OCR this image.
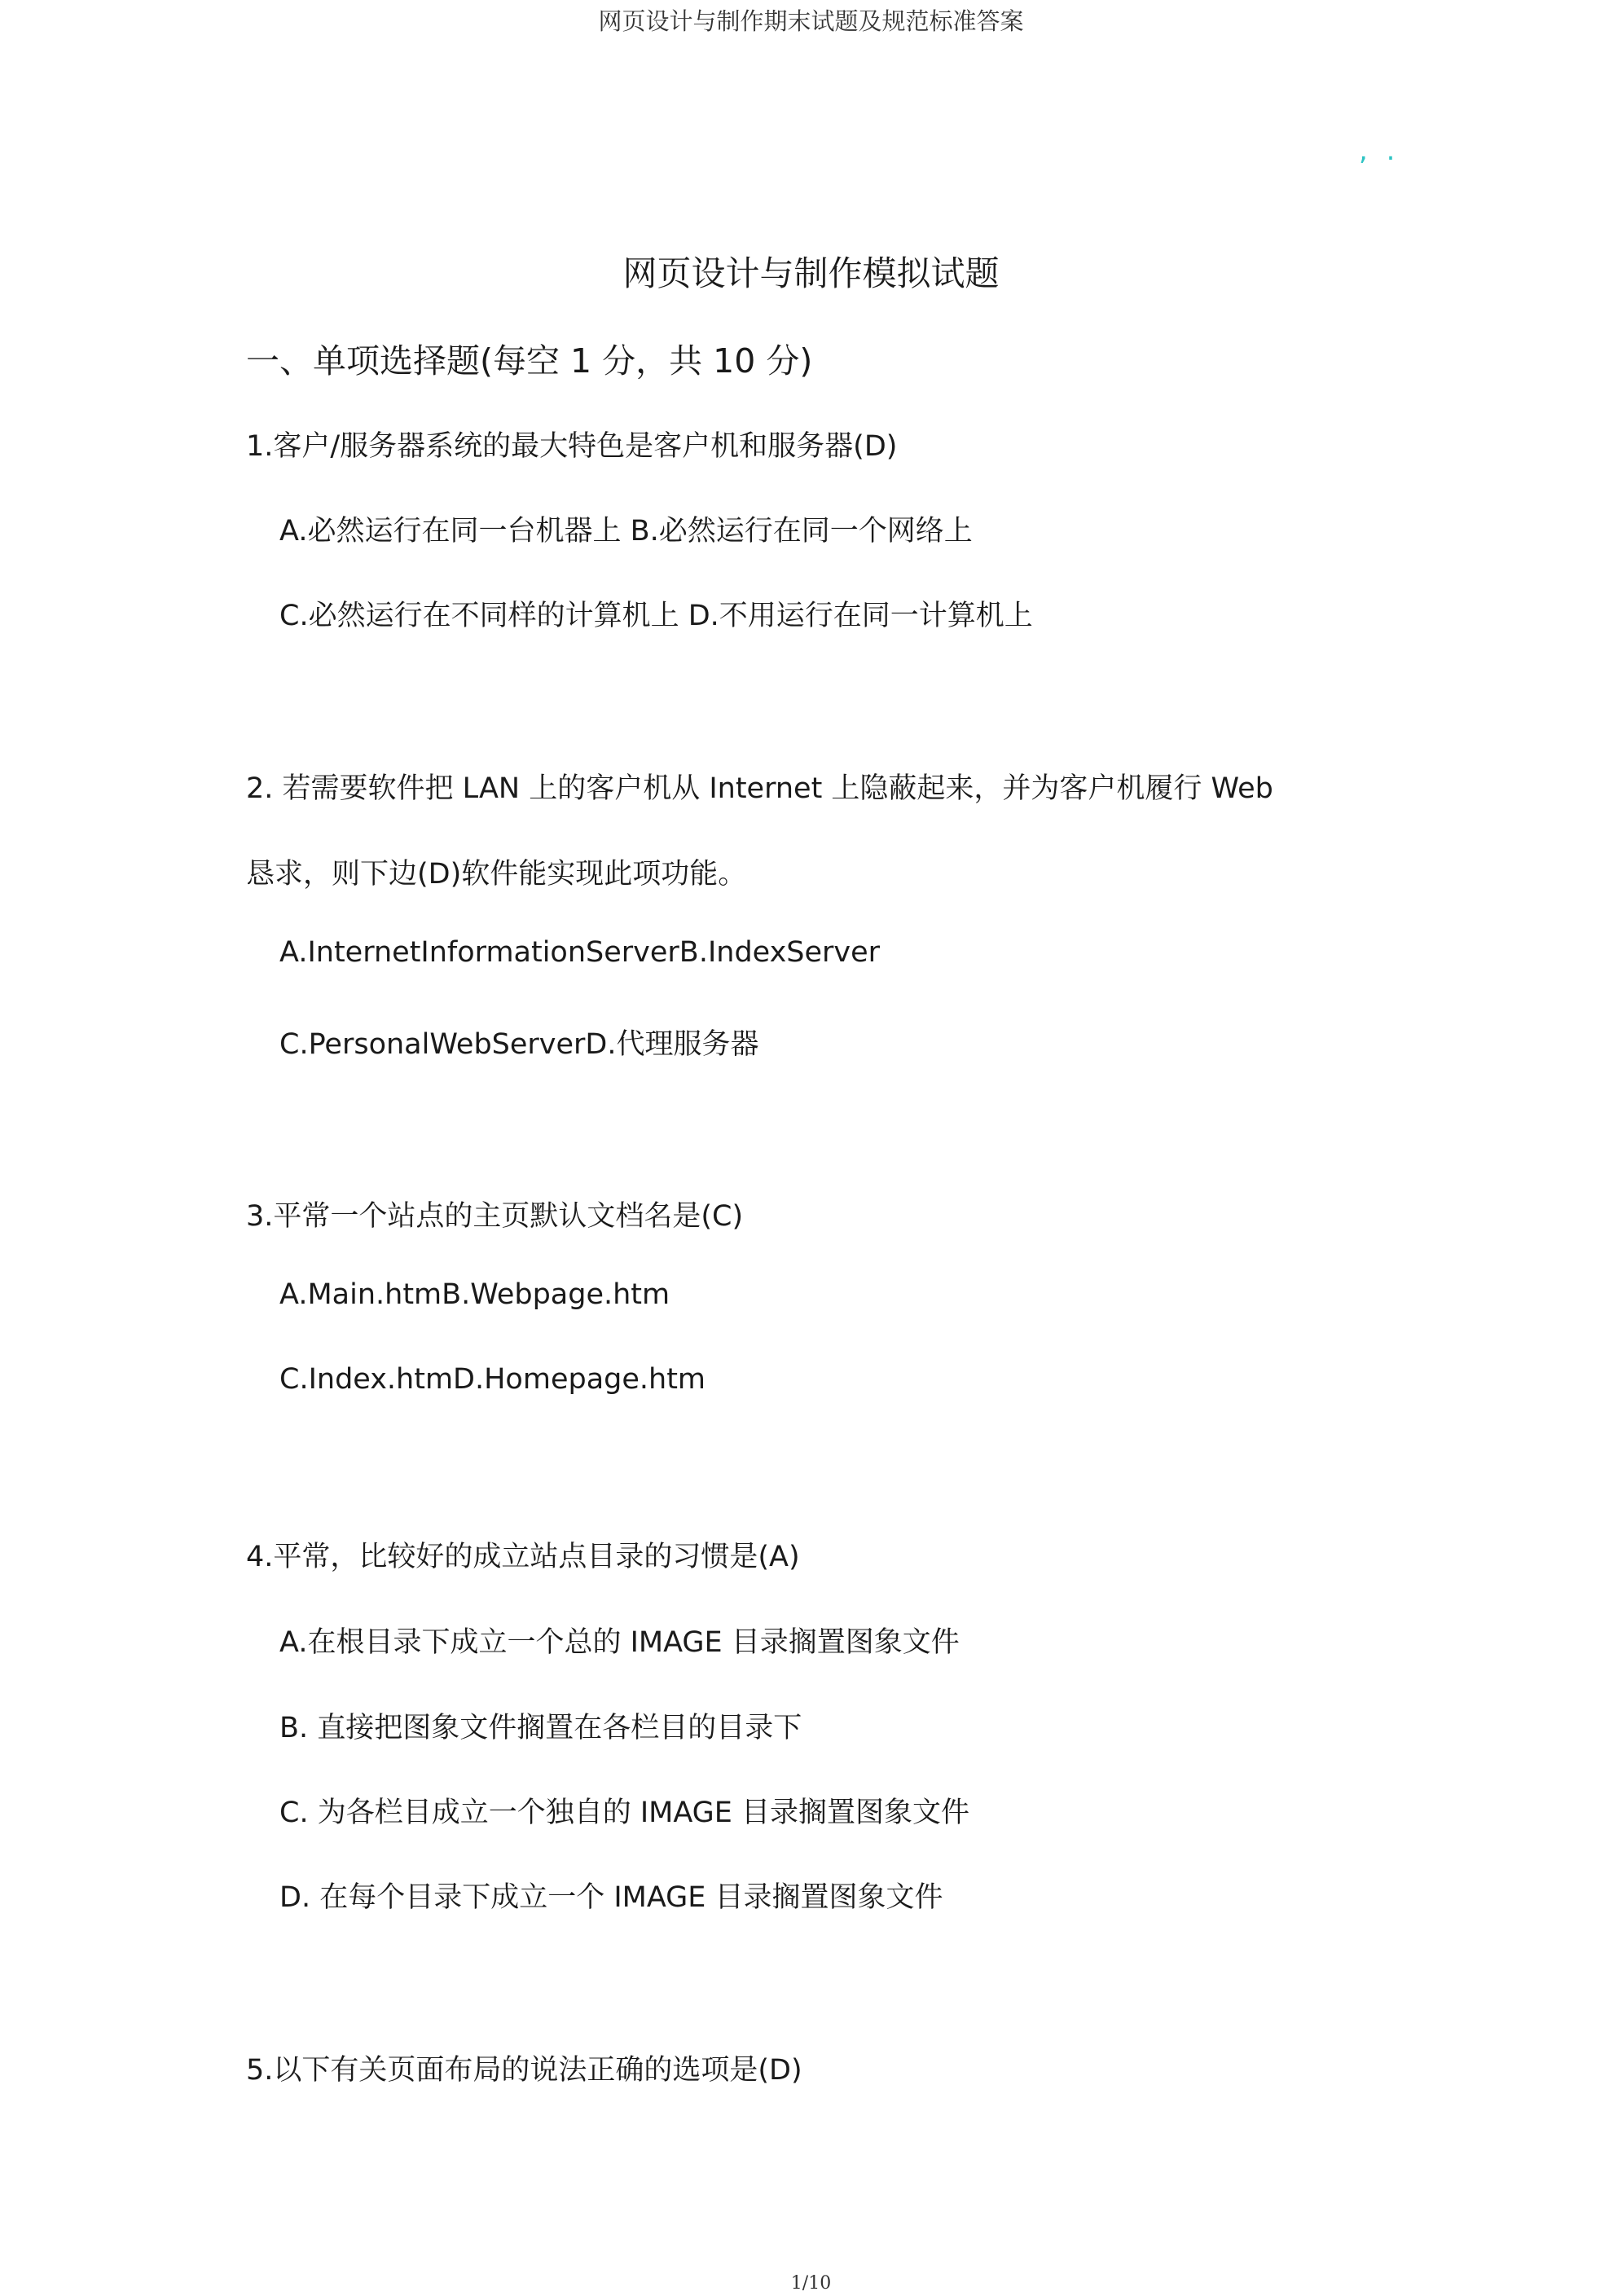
网页设计与制作期末试题及规范标准答案
, .
网页设计与制作模拟试题
一、单项选择题(每空 1 分，共 10 分)
1.客户/服务器系统的最大特色是客户机和服务器(D)
A.必然运行在同一台机器上 B.必然运行在同一个网络上
C.必然运行在不同样的计算机上 D.不用运行在同一计算机上
2. 若需要软件把 LAN 上的客户机从 Internet 上隐蔽起来，并为客户机履行 Web
恳求，则下边(D)软件能实现此项功能。
A.InternetInformationServerB.IndexServer
C.PersonalWebServerD.代理服务器
3.平常一个站点的主页默认文档名是(C)
A.Main.htmB.Webpage.htm
C.Index.htmD.Homepage.htm
4.平常，比较好的成立站点目录的习惯是(A)
A.在根目录下成立一个总的 IMAGE 目录搁置图象文件
B. 直接把图象文件搁置在各栏目的目录下
C. 为各栏目成立一个独自的 IMAGE 目录搁置图象文件
D. 在每个目录下成立一个 IMAGE 目录搁置图象文件
5.以下有关页面布局的说法正确的选项是(D)
1/10
